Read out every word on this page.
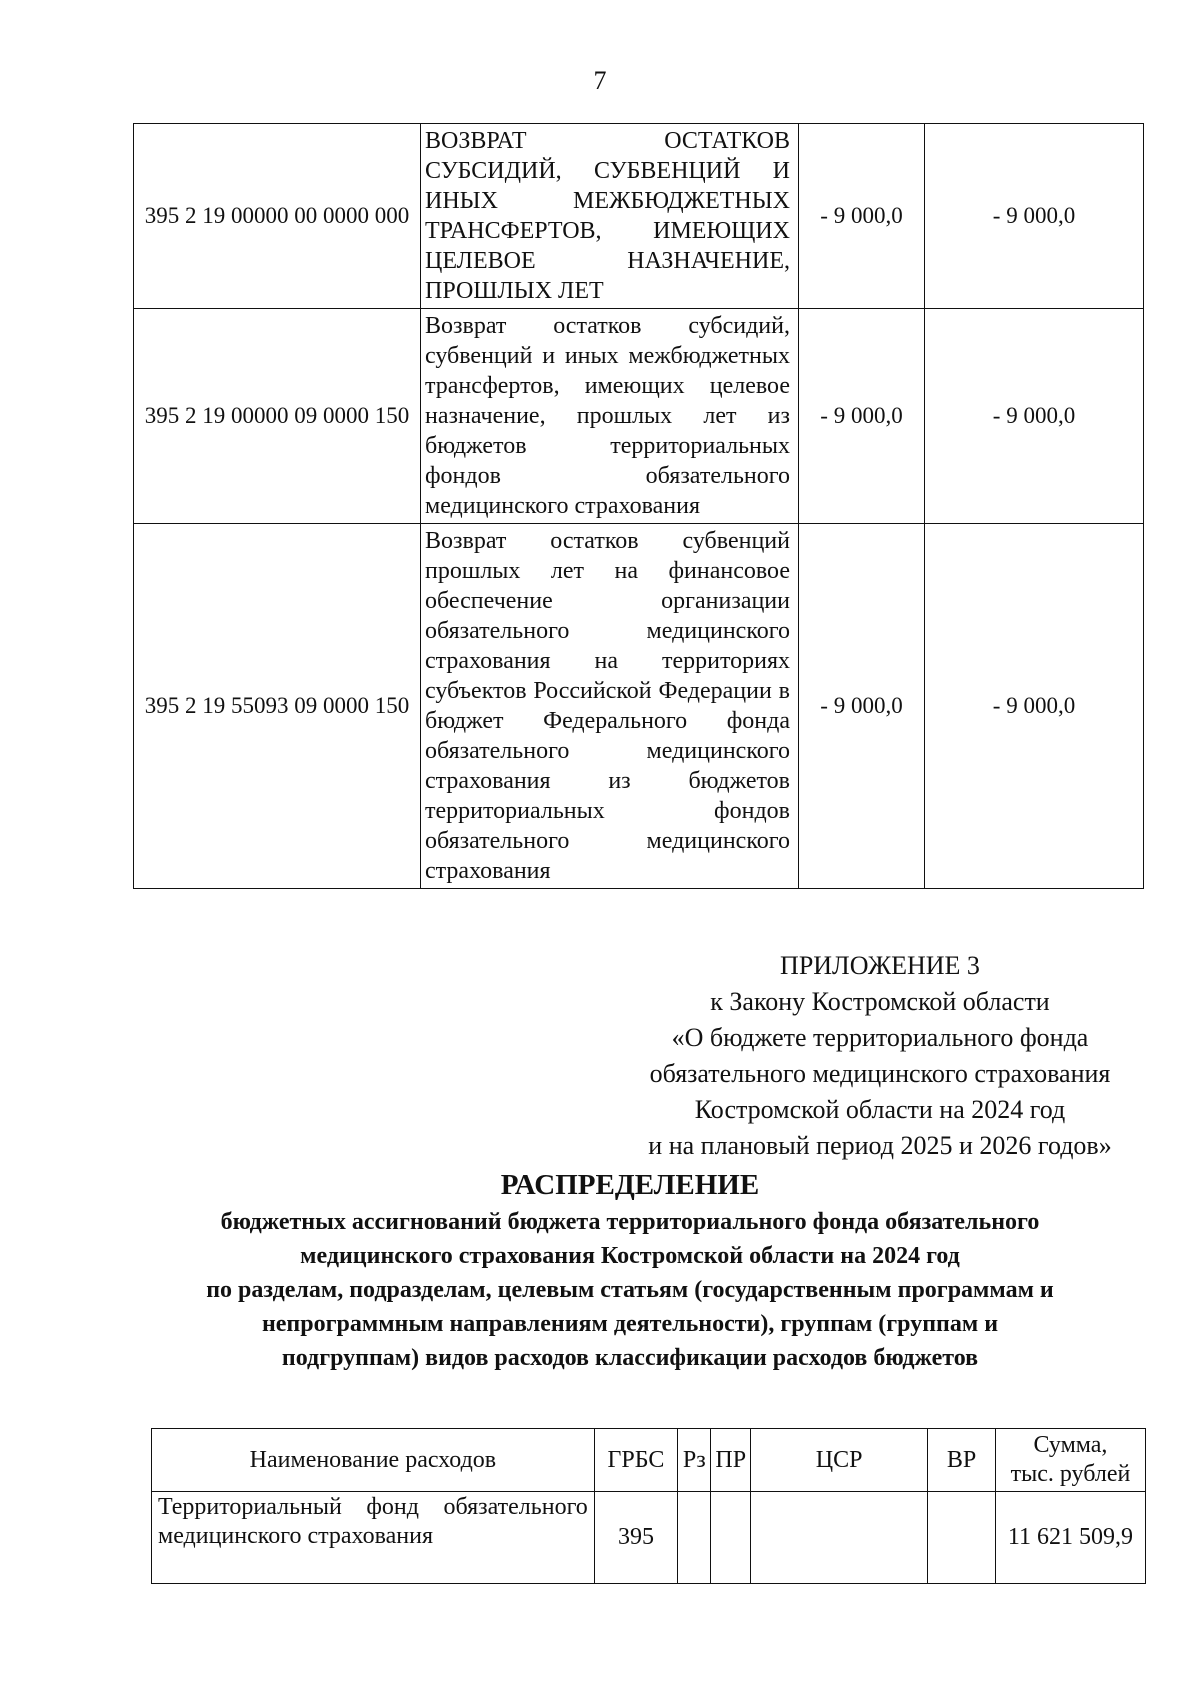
7
395 2 19 00000 00 0000 000	ВОЗВРАТ ОСТАТКОВ СУБСИДИЙ, СУБВЕНЦИЙ И ИНЫХ МЕЖБЮДЖЕТНЫХ ТРАНСФЕРТОВ, ИМЕЮЩИХ ЦЕЛЕВОЕ НАЗНАЧЕНИЕ, ПРОШЛЫХ ЛЕТ	- 9 000,0	- 9 000,0
395 2 19 00000 09 0000 150	Возврат остатков субсидий, субвенций и иных межбюджетных трансфертов, имеющих целевое назначение, прошлых лет из бюджетов территориальных фондов обязательного медицинского страхования	- 9 000,0	- 9 000,0
395 2 19 55093 09 0000 150	Возврат остатков субвенций прошлых лет на финансовое обеспечение организации обязательного медицинского страхования на территориях субъектов Российской Федерации в бюджет Федерального фонда обязательного медицинского страхования из бюджетов территориальных фондов обязательного медицинского страхования	- 9 000,0	- 9 000,0
ПРИЛОЖЕНИЕ 3
к Закону Костромской области
«О бюджете территориального фонда
обязательного медицинского страхования
Костромской области на 2024 год
и на плановый период 2025 и 2026 годов»
РАСПРЕДЕЛЕНИЕ
бюджетных ассигнований бюджета территориального фонда обязательного
медицинского страхования Костромской области на 2024 год
по разделам, подразделам, целевым статьям (государственным программам и
непрограммным направлениям деятельности), группам (группам и
подгруппам) видов расходов классификации расходов бюджетов
Наименование расходов	ГРБС	Рз	ПР	ЦСР	ВР	Сумма,
тыс. рублей

Территориальный фонд обязательного медицинского страхования	395					11 621 509,9
